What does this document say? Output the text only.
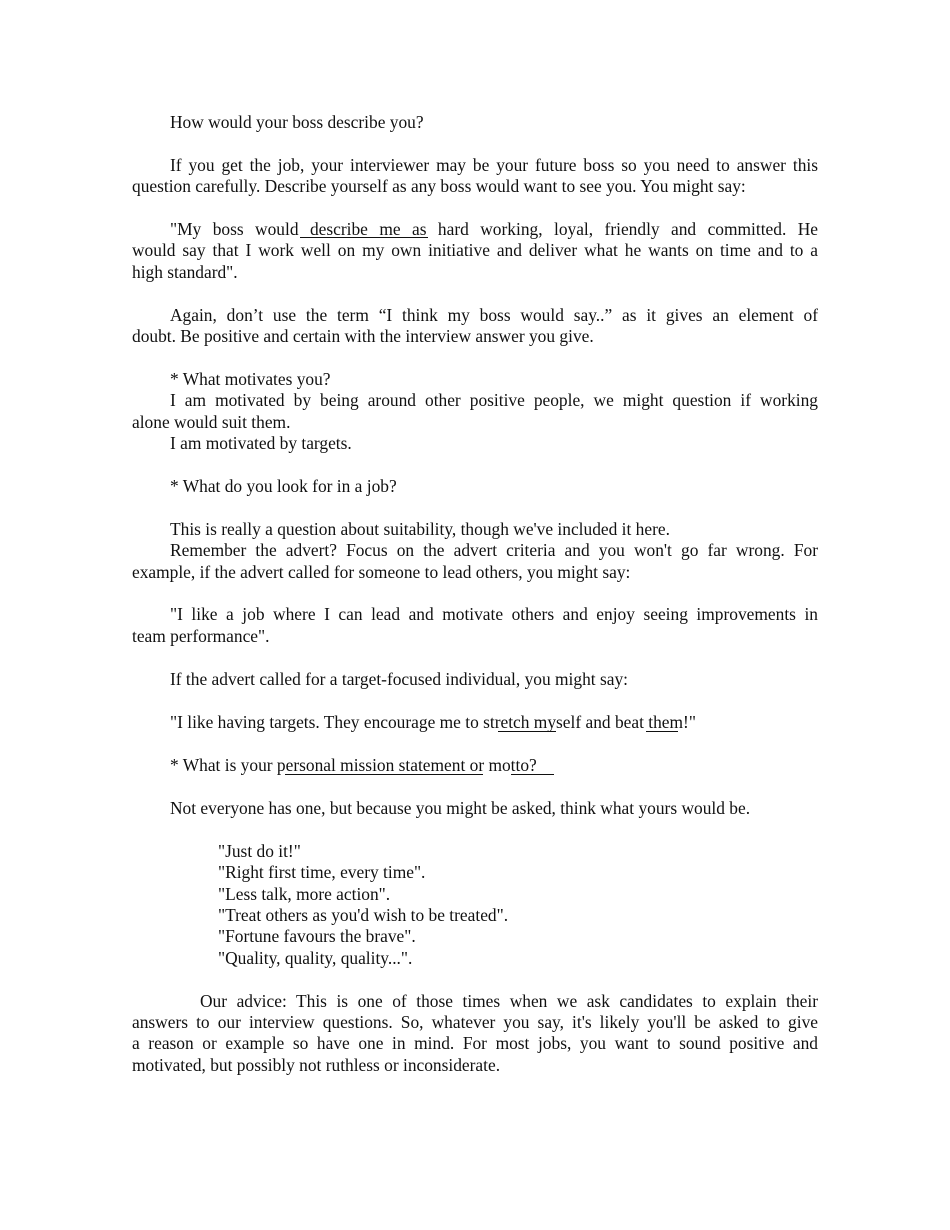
How would your boss describe you?
If you get the job, your interviewer may be your future boss so you need to answer this
question carefully. Describe yourself as any boss would want to see you. You might say:
"My boss would describe me as hard working, loyal, friendly and committed. He
would say that I work well on my own initiative and deliver what he wants on time and to a
high standard".
Again, don’t use the term “I think my boss would say..” as it gives an element of
doubt. Be positive and certain with the interview answer you give.
* What motivates you?
I am motivated by being around other positive people, we might question if working
alone would suit them.
I am motivated by targets.
* What do you look for in a job?
This is really a question about suitability, though we've included it here.
Remember the advert? Focus on the advert criteria and you won't go far wrong. For
example, if the advert called for someone to lead others, you might say:
"I like a job where I can lead and motivate others and enjoy seeing improvements in
team performance".
If the advert called for a target-focused individual, you might say:
"I like having targets. They encourage me to stretch myself and beat them!"
* What is your personal mission statement or motto?
Not everyone has one, but because you might be asked, think what yours would be.
"Just do it!"
"Right first time, every time".
"Less talk, more action".
"Treat others as you'd wish to be treated".
"Fortune favours the brave".
"Quality, quality, quality...".
Our advice: This is one of those times when we ask candidates to explain their
answers to our interview questions. So, whatever you say, it's likely you'll be asked to give
a reason or example so have one in mind. For most jobs, you want to sound positive and
motivated, but possibly not ruthless or inconsiderate.
